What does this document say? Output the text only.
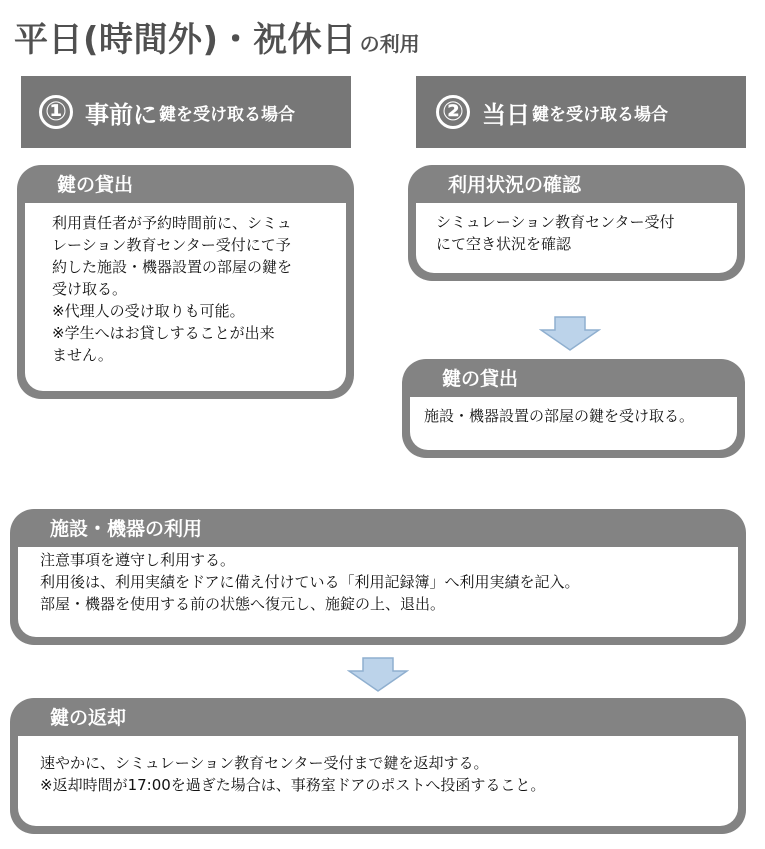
平日(時間外)・祝休日 の利用
① 事前に 鍵を受け取る場合	② 当日 鍵を受け取る場合
鍵の貸出
利用責任者が予約時間前に、シミュ
レーション教育センター受付にて予
約した施設・機器設置の部屋の鍵を
受け取る。
※代理人の受け取りも可能。
※学生へはお貸しすることが出来
ません。
利用状況の確認
シミュレーション教育センター受付
にて空き状況を確認
鍵の貸出
施設・機器設置の部屋の鍵を受け取る。
施設・機器の利用
注意事項を遵守し利用する。
利用後は、利用実績をドアに備え付けている「利用記録簿」へ利用実績を記入。
部屋・機器を使用する前の状態へ復元し、施錠の上、退出。
鍵の返却
速やかに、シミュレーション教育センター受付まで鍵を返却する。
※返却時間が17:00を過ぎた場合は、事務室ドアのポストへ投函すること。
